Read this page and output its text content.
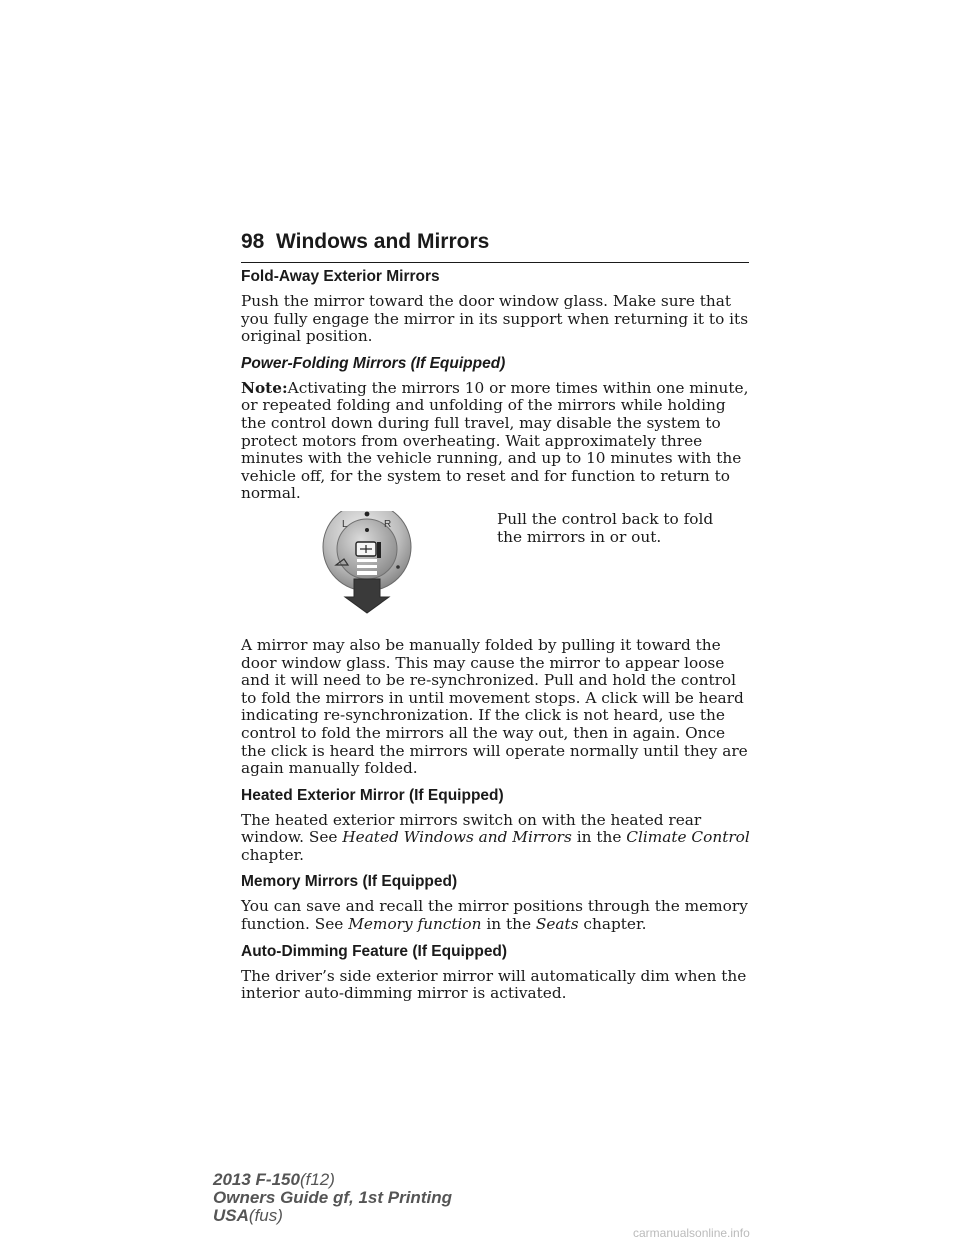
98 Windows and Mirrors
Fold-Away Exterior Mirrors

Push the mirror toward the door window glass. Make sure that you fully engage the mirror in its support when returning it to its original position.

Power-Folding Mirrors (If Equipped)

Note:Activating the mirrors 10 or more times within one minute, or repeated folding and unfolding of the mirrors while holding the control down during full travel, may disable the system to protect motors from overheating. Wait approximately three minutes with the vehicle running, and up to 10 minutes with the vehicle off, for the system to reset and for function to return to normal.

L	R	Pull the control back to fold the mirrors in or out.

A mirror may also be manually folded by pulling it toward the door window glass. This may cause the mirror to appear loose and it will need to be re-synchronized. Pull and hold the control to fold the mirrors in until movement stops. A click will be heard indicating re-synchronization. If the click is not heard, use the control to fold the mirrors all the way out, then in again. Once the click is heard the mirrors will operate normally until they are again manually folded.

Heated Exterior Mirror (If Equipped)

The heated exterior mirrors switch on with the heated rear window. See Heated Windows and Mirrors in the Climate Control chapter.

Memory Mirrors (If Equipped)

You can save and recall the mirror positions through the memory function. See Memory function in the Seats chapter.

Auto-Dimming Feature (If Equipped)

The driver’s side exterior mirror will automatically dim when the interior auto-dimming mirror is activated.

2013 F-150(f12)
Owners Guide gf, 1st Printing
USA(fus)
carmanualsonline.info
